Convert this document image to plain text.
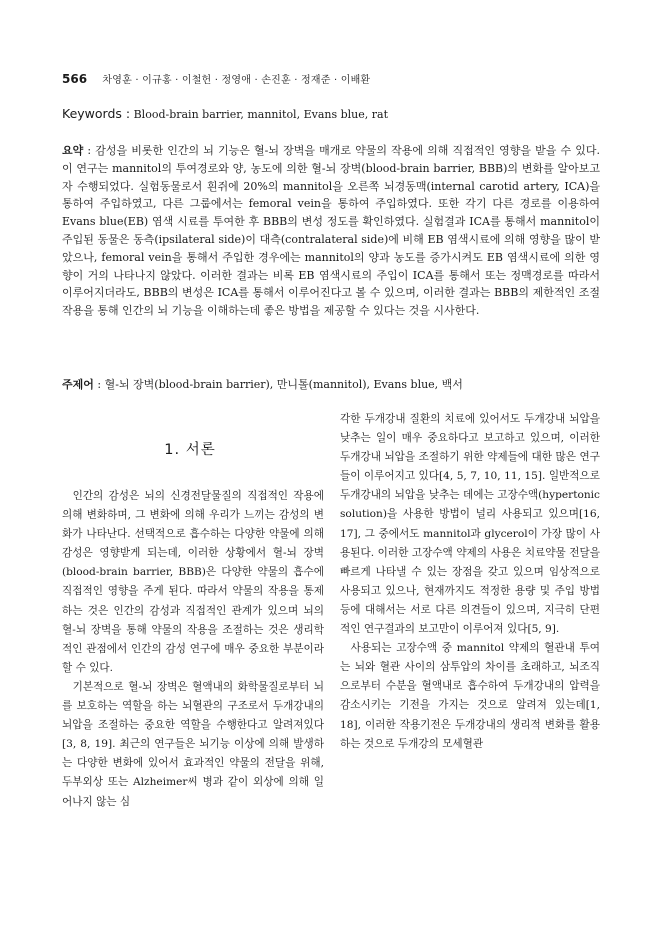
566 차영훈 · 이규홍 · 이철헌 · 정영애 · 손진훈 · 정재준 · 이배환
Keywords : Blood-brain barrier, mannitol, Evans blue, rat
요약 : 감성을 비롯한 인간의 뇌 기능은 혈-뇌 장벽을 매개로 약물의 작용에 의해 직접적인 영향을 받을 수 있다. 이 연구는 mannitol의 투여경로와 양, 농도에 의한 혈-뇌 장벽(blood-brain barrier, BBB)의 변화를 알아보고자 수행되었다. 실험동물로서 흰쥐에 20%의 mannitol을 오른쪽 뇌경동맥(internal carotid artery, ICA)을 통하여 주입하였고, 다른 그룹에서는 femoral vein을 통하여 주입하였다. 또한 각기 다른 경로를 이용하여 Evans blue(EB) 염색 시료를 투여한 후 BBB의 변성 정도를 확인하였다. 실험결과 ICA를 통해서 mannitol이 주입된 동물은 동측(ipsilateral side)이 대측(contralateral side)에 비해 EB 염색시료에 의해 영향을 많이 받았으나, femoral vein을 통해서 주입한 경우에는 mannitol의 양과 농도를 증가시켜도 EB 염색시료에 의한 영향이 거의 나타나지 않았다. 이러한 결과는 비록 EB 염색시료의 주입이 ICA를 통해서 또는 정맥경로를 따라서 이루어지더라도, BBB의 변성은 ICA를 통해서 이루어진다고 볼 수 있으며, 이러한 결과는 BBB의 제한적인 조절작용을 통해 인간의 뇌 기능을 이해하는데 좋은 방법을 제공할 수 있다는 것을 시사한다.
주제어 : 혈-뇌 장벽(blood-brain barrier), 만니톨(mannitol), Evans blue, 백서
1. 서론

인간의 감성은 뇌의 신경전달물질의 직접적인 작용에 의해 변화하며, 그 변화에 의해 우리가 느끼는 감성의 변화가 나타난다. 선택적으로 흡수하는 다양한 약물에 의해 감성은 영향받게 되는데, 이러한 상황에서 혈-뇌 장벽(blood-brain barrier, BBB)은 다양한 약물의 흡수에 직접적인 영향을 주게 된다. 따라서 약물의 작용을 통제하는 것은 인간의 감성과 직접적인 관계가 있으며 뇌의 혈-뇌 장벽을 통해 약물의 작용을 조절하는 것은 생리학적인 관점에서 인간의 감성 연구에 매우 중요한 부분이라 할 수 있다.

기본적으로 혈-뇌 장벽은 혈액내의 화학물질로부터 뇌를 보호하는 역할을 하는 뇌혈관의 구조로서 두개강내의 뇌압을 조절하는 중요한 역할을 수행한다고 알려져있다[3, 8, 19]. 최근의 연구들은 뇌기능 이상에 의해 발생하는 다양한 변화에 있어서 효과적인 약물의 전달을 위해, 두부외상 또는 Alzheimer씨 병과 같이 외상에 의해 일어나지 않는 심

각한 두개강내 질환의 치료에 있어서도 두개강내 뇌압을 낮추는 일이 매우 중요하다고 보고하고 있으며, 이러한 두개강내 뇌압을 조절하기 위한 약제들에 대한 많은 연구들이 이루어지고 있다[4, 5, 7, 10, 11, 15]. 일반적으로 두개강내의 뇌압을 낮추는 데에는 고장수액(hypertonic solution)을 사용한 방법이 널리 사용되고 있으며[16, 17], 그 중에서도 mannitol과 glycerol이 가장 많이 사용된다. 이러한 고장수액 약제의 사용은 치료약물 전달을 빠르게 나타낼 수 있는 장점을 갖고 있으며 임상적으로 사용되고 있으나, 현재까지도 적정한 용량 및 주입 방법 등에 대해서는 서로 다른 의견들이 있으며, 지극히 단편적인 연구결과의 보고만이 이루어져 있다[5, 9].

사용되는 고장수액 중 mannitol 약제의 혈관내 투여는 뇌와 혈관 사이의 삼투압의 차이를 초래하고, 뇌조직으로부터 수분을 혈액내로 흡수하여 두개강내의 압력을 감소시키는 기전을 가지는 것으로 알려져 있는데[1, 18], 이러한 작용기전은 두개강내의 생리적 변화를 활용하는 것으로 두개강의 모세혈관
